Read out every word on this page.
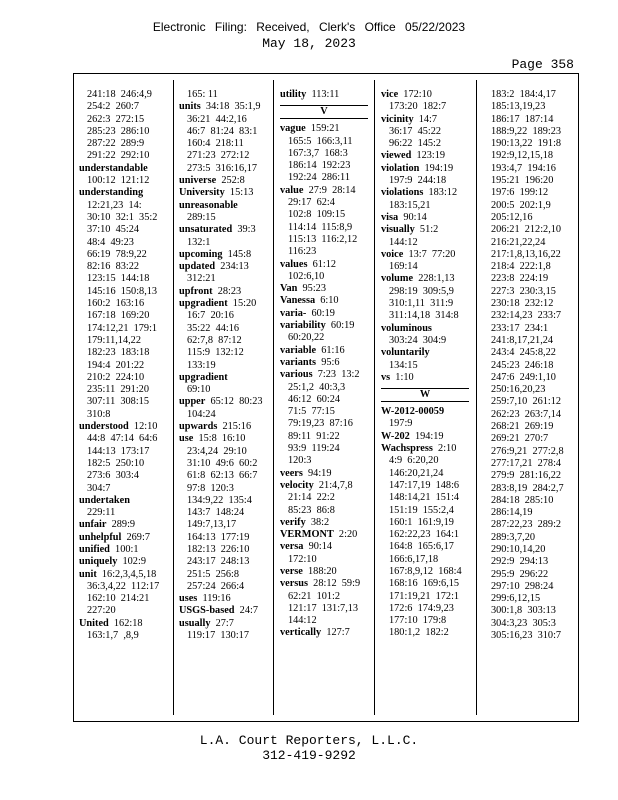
Electronic Filing: Received, Clerk's Office 05/22/2023
May 18, 2023
Page 358
241:18  246:4,9
254:2  260:7
262:3  272:15
285:23  286:10
287:22  289:9
291:22  292:10
understandable
100:12  121:12
understanding
12:21,23  14:
30:10  32:1  35:2
37:10  45:24
48:4  49:23
66:19  78:9,22
82:16  83:22
123:15  144:18
145:16  150:8,13
160:2  163:16
167:18  169:20
174:12,21  179:1
179:11,14,22
182:23  183:18
194:4  201:22
210:2  224:10
235:11  291:20
307:11  308:15
310:8
understood  12:10
44:8  47:14  64:6
144:13  173:17
182:5  250:10
273:6  303:4
304:7
undertaken
229:11
unfair  289:9
unhelpful  269:7
unified  100:1
uniquely  102:9
unit  16:2,3,4,5,18
36:3,4,22  112:17
162:10  214:21
227:20
United  162:18
163:1,7  ,8,9
165: 11
units  34:18  35:1,9
36:21  44:2,16
46:7  81:24  83:1
160:4  218:11
271:23  272:12
273:5  316:16,17
universe  252:8
University  15:13
unreasonable
289:15
unsaturated  39:3
132:1
upcoming  145:8
updated  234:13
312:21
upfront  28:23
upgradient  15:20
16:7  20:16
35:22  44:16
62:7,8  87:12
115:9  132:12
133:19
upgradient
69:10
upper  65:12  80:23
104:24
upwards  215:16
use  15:8  16:10
23:4,24  29:10
31:10  49:6  60:2
61:8  62:13  66:7
97:8  120:3
134:9,22  135:4
143:7  148:24
149:7,13,17
164:13  177:19
182:13  226:10
243:17  248:13
251:5  256:8
257:24  266:4
uses  119:16
USGS-based  24:7
usually  27:7
119:17  130:17
utility  113:11
V
vague  159:21
165:5  166:3,11
167:3,7  168:3
186:14  192:23
192:24  286:11
value  27:9  28:14
29:17  62:4
102:8  109:15
114:14  115:8,9
115:13  116:2,12
116:23
values  61:12
102:6,10
Van  95:23
Vanessa  6:10
varia-  60:19
variability  60:19
60:20,22
variable  61:16
variants  95:6
various  7:23  13:2
25:1,2  40:3,3
46:12  60:24
71:5  77:15
79:19,23  87:16
89:11  91:22
93:9  119:24
120:3
veers  94:19
velocity  21:4,7,8
21:14  22:2
85:23  86:8
verify  38:2
VERMONT  2:20
versa  90:14
172:10
verse  188:20
versus  28:12  59:9
62:21  101:2
121:17  131:7,13
144:12
vertically  127:7
vice  172:10
173:20  182:7
vicinity  14:7
36:17  45:22
96:22  145:2
viewed  123:19
violation  194:19
197:9  244:18
violations  183:12
183:15,21
visa  90:14
visually  51:2
144:12
voice  13:7  77:20
169:14
volume  228:1,13
298:19  309:5,9
310:1,11  311:9
311:14,18  314:8
voluminous
303:24  304:9
voluntarily
134:15
vs  1:10
W
W-2012-00059
197:9
W-202  194:19
Wachspress  2:10
4:9  6:20,20
146:20,21,24
147:17,19  148:6
148:14,21  151:4
151:19  155:2,4
160:1  161:9,19
162:22,23  164:1
164:8  165:6,17
166:6,17,18
167:8,9,12  168:4
168:16  169:6,15
171:19,21  172:1
172:6  174:9,23
177:10  179:8
180:1,2  182:2
183:2  184:4,17
185:13,19,23
186:17  187:14
188:9,22  189:23
190:13,22  191:8
192:9,12,15,18
193:4,7  194:16
195:21  196:20
197:6  199:12
200:5  202:1,9
205:12,16
206:21  212:2,10
216:21,22,24
217:1,8,13,16,22
218:4  222:1,8
223:8  224:19
227:3  230:3,15
230:18  232:12
232:14,23  233:7
233:17  234:1
241:8,17,21,24
243:4  245:8,22
245:23  246:18
247:6  249:1,10
250:16,20,23
259:7,10  261:12
262:23  263:7,14
268:21  269:19
269:21  270:7
276:9,21  277:2,8
277:17,21  278:4
279:9  281:16,22
283:8,19  284:2,7
284:18  285:10
286:14,19
287:22,23  289:2
289:3,7,20
290:10,14,20
292:9  294:13
295:9  296:22
297:10  298:24
299:6,12,15
300:1,8  303:13
304:3,23  305:3
305:16,23  310:7
L.A. Court Reporters, L.L.C.
312-419-9292
